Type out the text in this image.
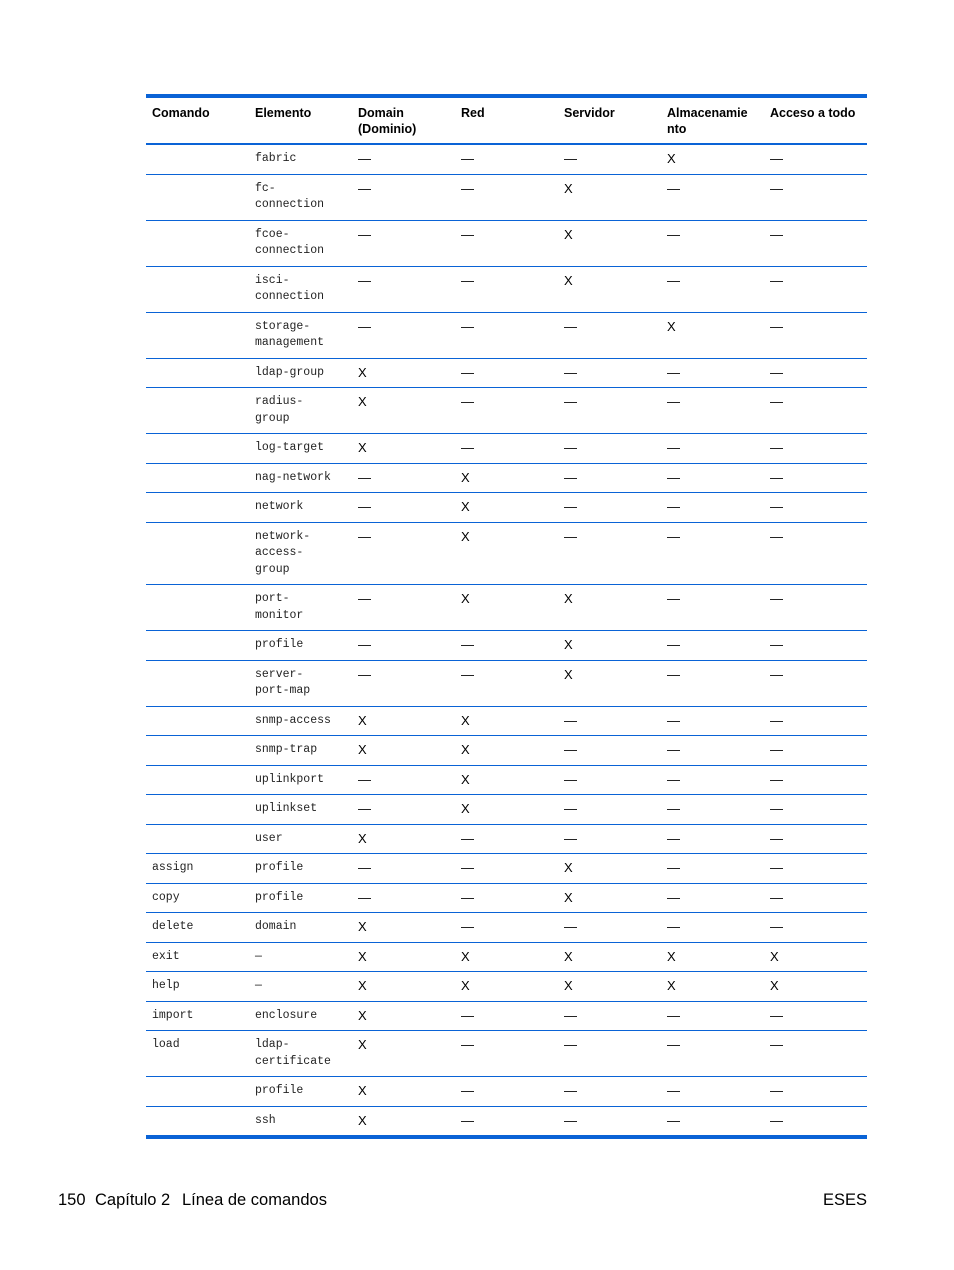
Comando	Elemento	Domain
(Dominio)	Red	Servidor	Almacenamie
nto	Acceso a todo
	fabric	—	—	—	X	—
	fc-
connection	—	—	X	—	—
	fcoe-
connection	—	—	X	—	—
	isci-
connection	—	—	X	—	—
	storage-
management	—	—	—	X	—
	ldap-group	X	—	—	—	—
	radius-
group	X	—	—	—	—
	log-target	X	—	—	—	—
	nag-network	—	X	—	—	—
	network	—	X	—	—	—
	network-
access-
group	—	X	—	—	—
	port-
monitor	—	X	X	—	—
	profile	—	—	X	—	—
	server-
port-map	—	—	X	—	—
	snmp-access	X	X	—	—	—
	snmp-trap	X	X	—	—	—
	uplinkport	—	X	—	—	—
	uplinkset	—	X	—	—	—
	user	X	—	—	—	—
assign	profile	—	—	X	—	—
copy	profile	—	—	X	—	—
delete	domain	X	—	—	—	—
exit	—	X	X	X	X	X
help	—	X	X	X	X	X
import	enclosure	X	—	—	—	—
load	ldap-
certificate	X	—	—	—	—
	profile	X	—	—	—	—
	ssh	X	—	—	—	—
150 Capítulo 2 Línea de comandos	ESES
